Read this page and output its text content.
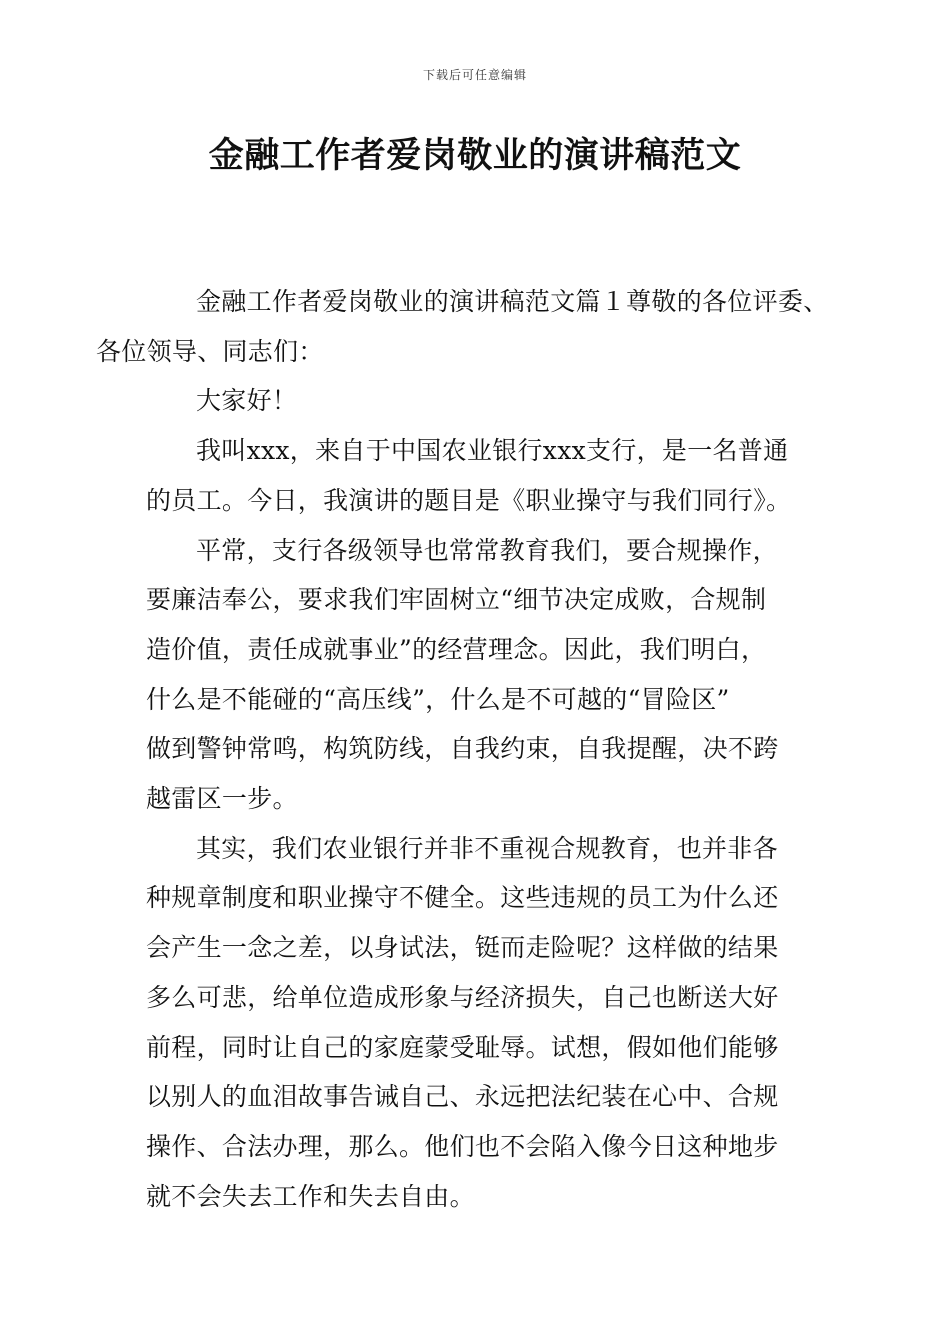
下载后可任意编辑
金融工作者爱岗敬业的演讲稿范文

金融工作者爱岗敬业的演讲稿范文篇１尊敬的各位评委、
各位领导、同志们：

大家好！

我叫xxx，来自于中国农业银行xxx支行，是一名普通
的员工。今日，我演讲的题目是《职业操守与我们同行》。

平常，支行各级领导也常常教育我们，要合规操作，
要廉洁奉公，要求我们牢固树立“细节决定成败，合规制
造价值，责任成就事业”的经营理念。因此，我们明白，
什么是不能碰的“高压线”，什么是不可越的“冒险区”
做到警钟常鸣，构筑防线，自我约束，自我提醒，决不跨
越雷区一步。

其实，我们农业银行并非不重视合规教育，也并非各
种规章制度和职业操守不健全。这些违规的员工为什么还
会产生一念之差，以身试法，铤而走险呢？这样做的结果
多么可悲，给单位造成形象与经济损失，自己也断送大好
前程，同时让自己的家庭蒙受耻辱。试想，假如他们能够
以别人的血泪故事告诫自己、永远把法纪装在心中、合规
操作、合法办理，那么。他们也不会陷入像今日这种地步
就不会失去工作和失去自由。
